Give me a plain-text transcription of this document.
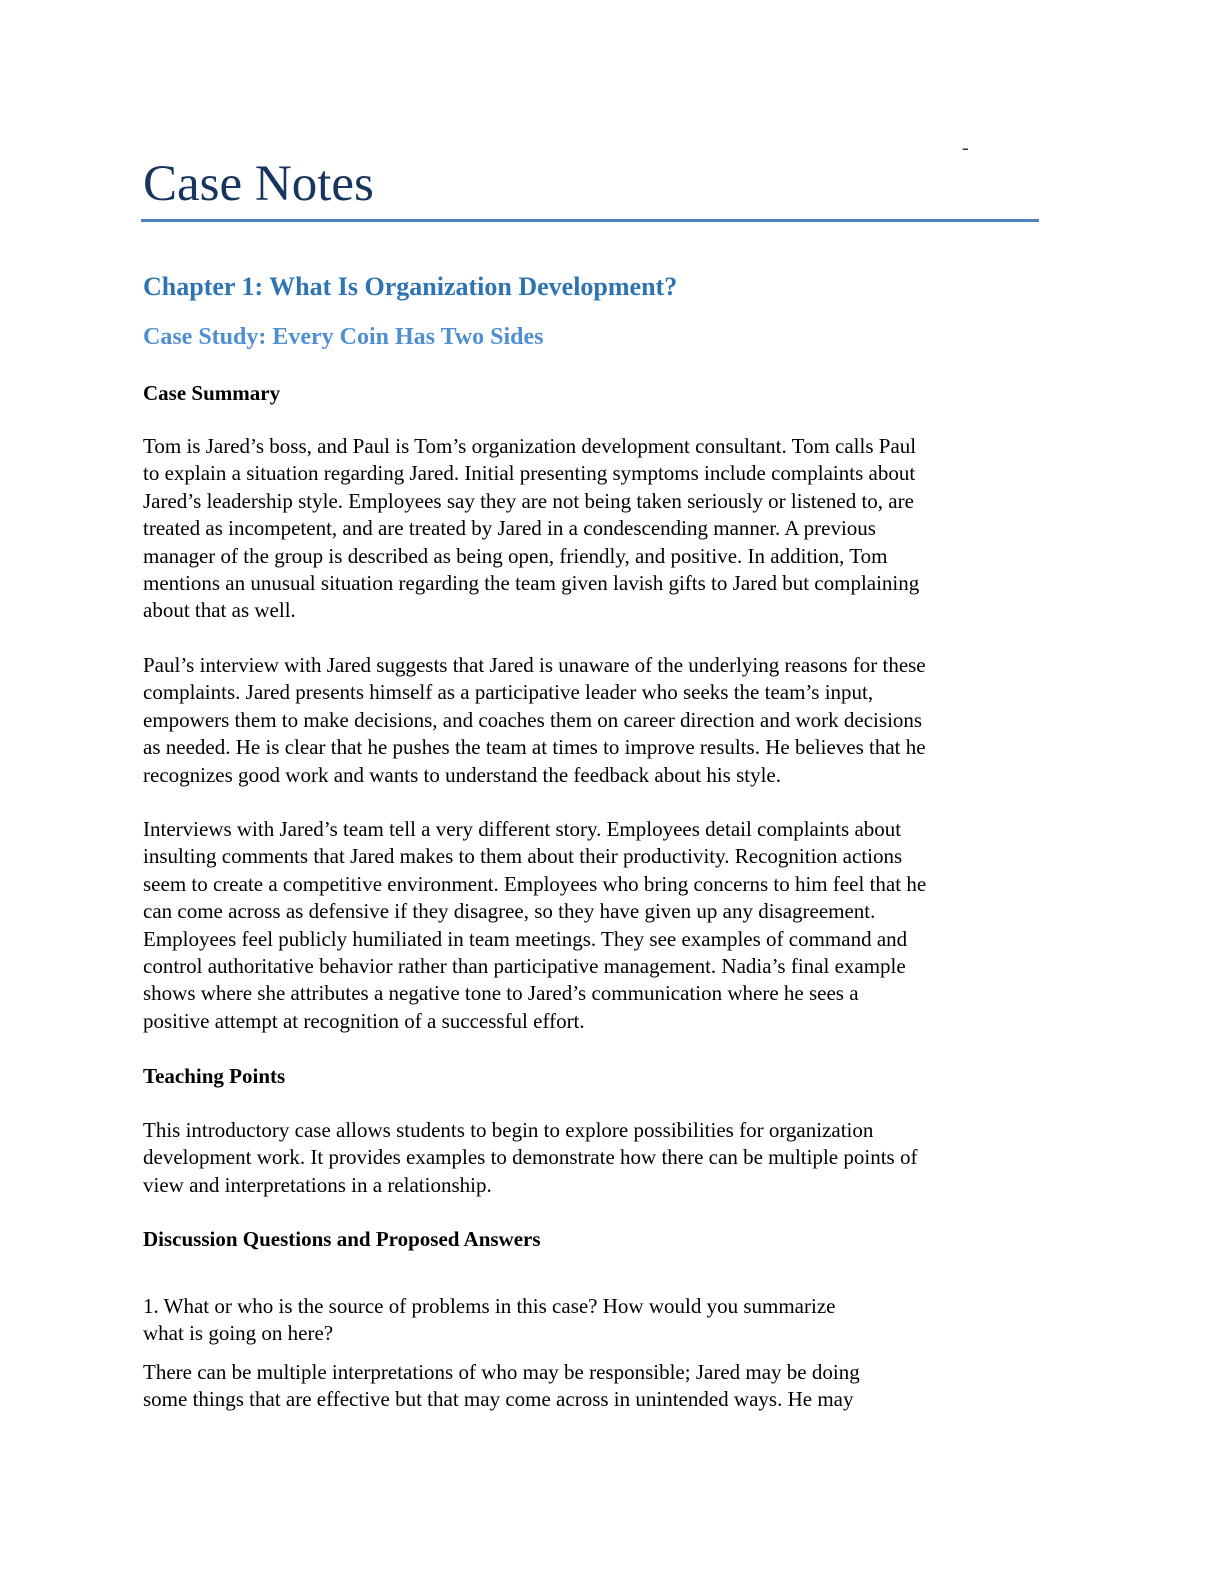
-
Case Notes
Chapter 1: What Is Organization Development?
Case Study: Every Coin Has Two Sides
Case Summary

Tom is Jared’s boss, and Paul is Tom’s organization development consultant. Tom calls Paul
to explain a situation regarding Jared. Initial presenting symptoms include complaints about
Jared’s leadership style. Employees say they are not being taken seriously or listened to, are
treated as incompetent, and are treated by Jared in a condescending manner. A previous
manager of the group is described as being open, friendly, and positive. In addition, Tom
mentions an unusual situation regarding the team given lavish gifts to Jared but complaining
about that as well.

Paul’s interview with Jared suggests that Jared is unaware of the underlying reasons for these
complaints. Jared presents himself as a participative leader who seeks the team’s input,
empowers them to make decisions, and coaches them on career direction and work decisions
as needed. He is clear that he pushes the team at times to improve results. He believes that he
recognizes good work and wants to understand the feedback about his style.

Interviews with Jared’s team tell a very different story. Employees detail complaints about
insulting comments that Jared makes to them about their productivity. Recognition actions
seem to create a competitive environment. Employees who bring concerns to him feel that he
can come across as defensive if they disagree, so they have given up any disagreement.
Employees feel publicly humiliated in team meetings. They see examples of command and
control authoritative behavior rather than participative management. Nadia’s final example
shows where she attributes a negative tone to Jared’s communication where he sees a
positive attempt at recognition of a successful effort.

Teaching Points

This introductory case allows students to begin to explore possibilities for organization
development work. It provides examples to demonstrate how there can be multiple points of
view and interpretations in a relationship.

Discussion Questions and Proposed Answers

1. What or who is the source of problems in this case? How would you summarize
what is going on here?

There can be multiple interpretations of who may be responsible; Jared may be doing
some things that are effective but that may come across in unintended ways. He may
